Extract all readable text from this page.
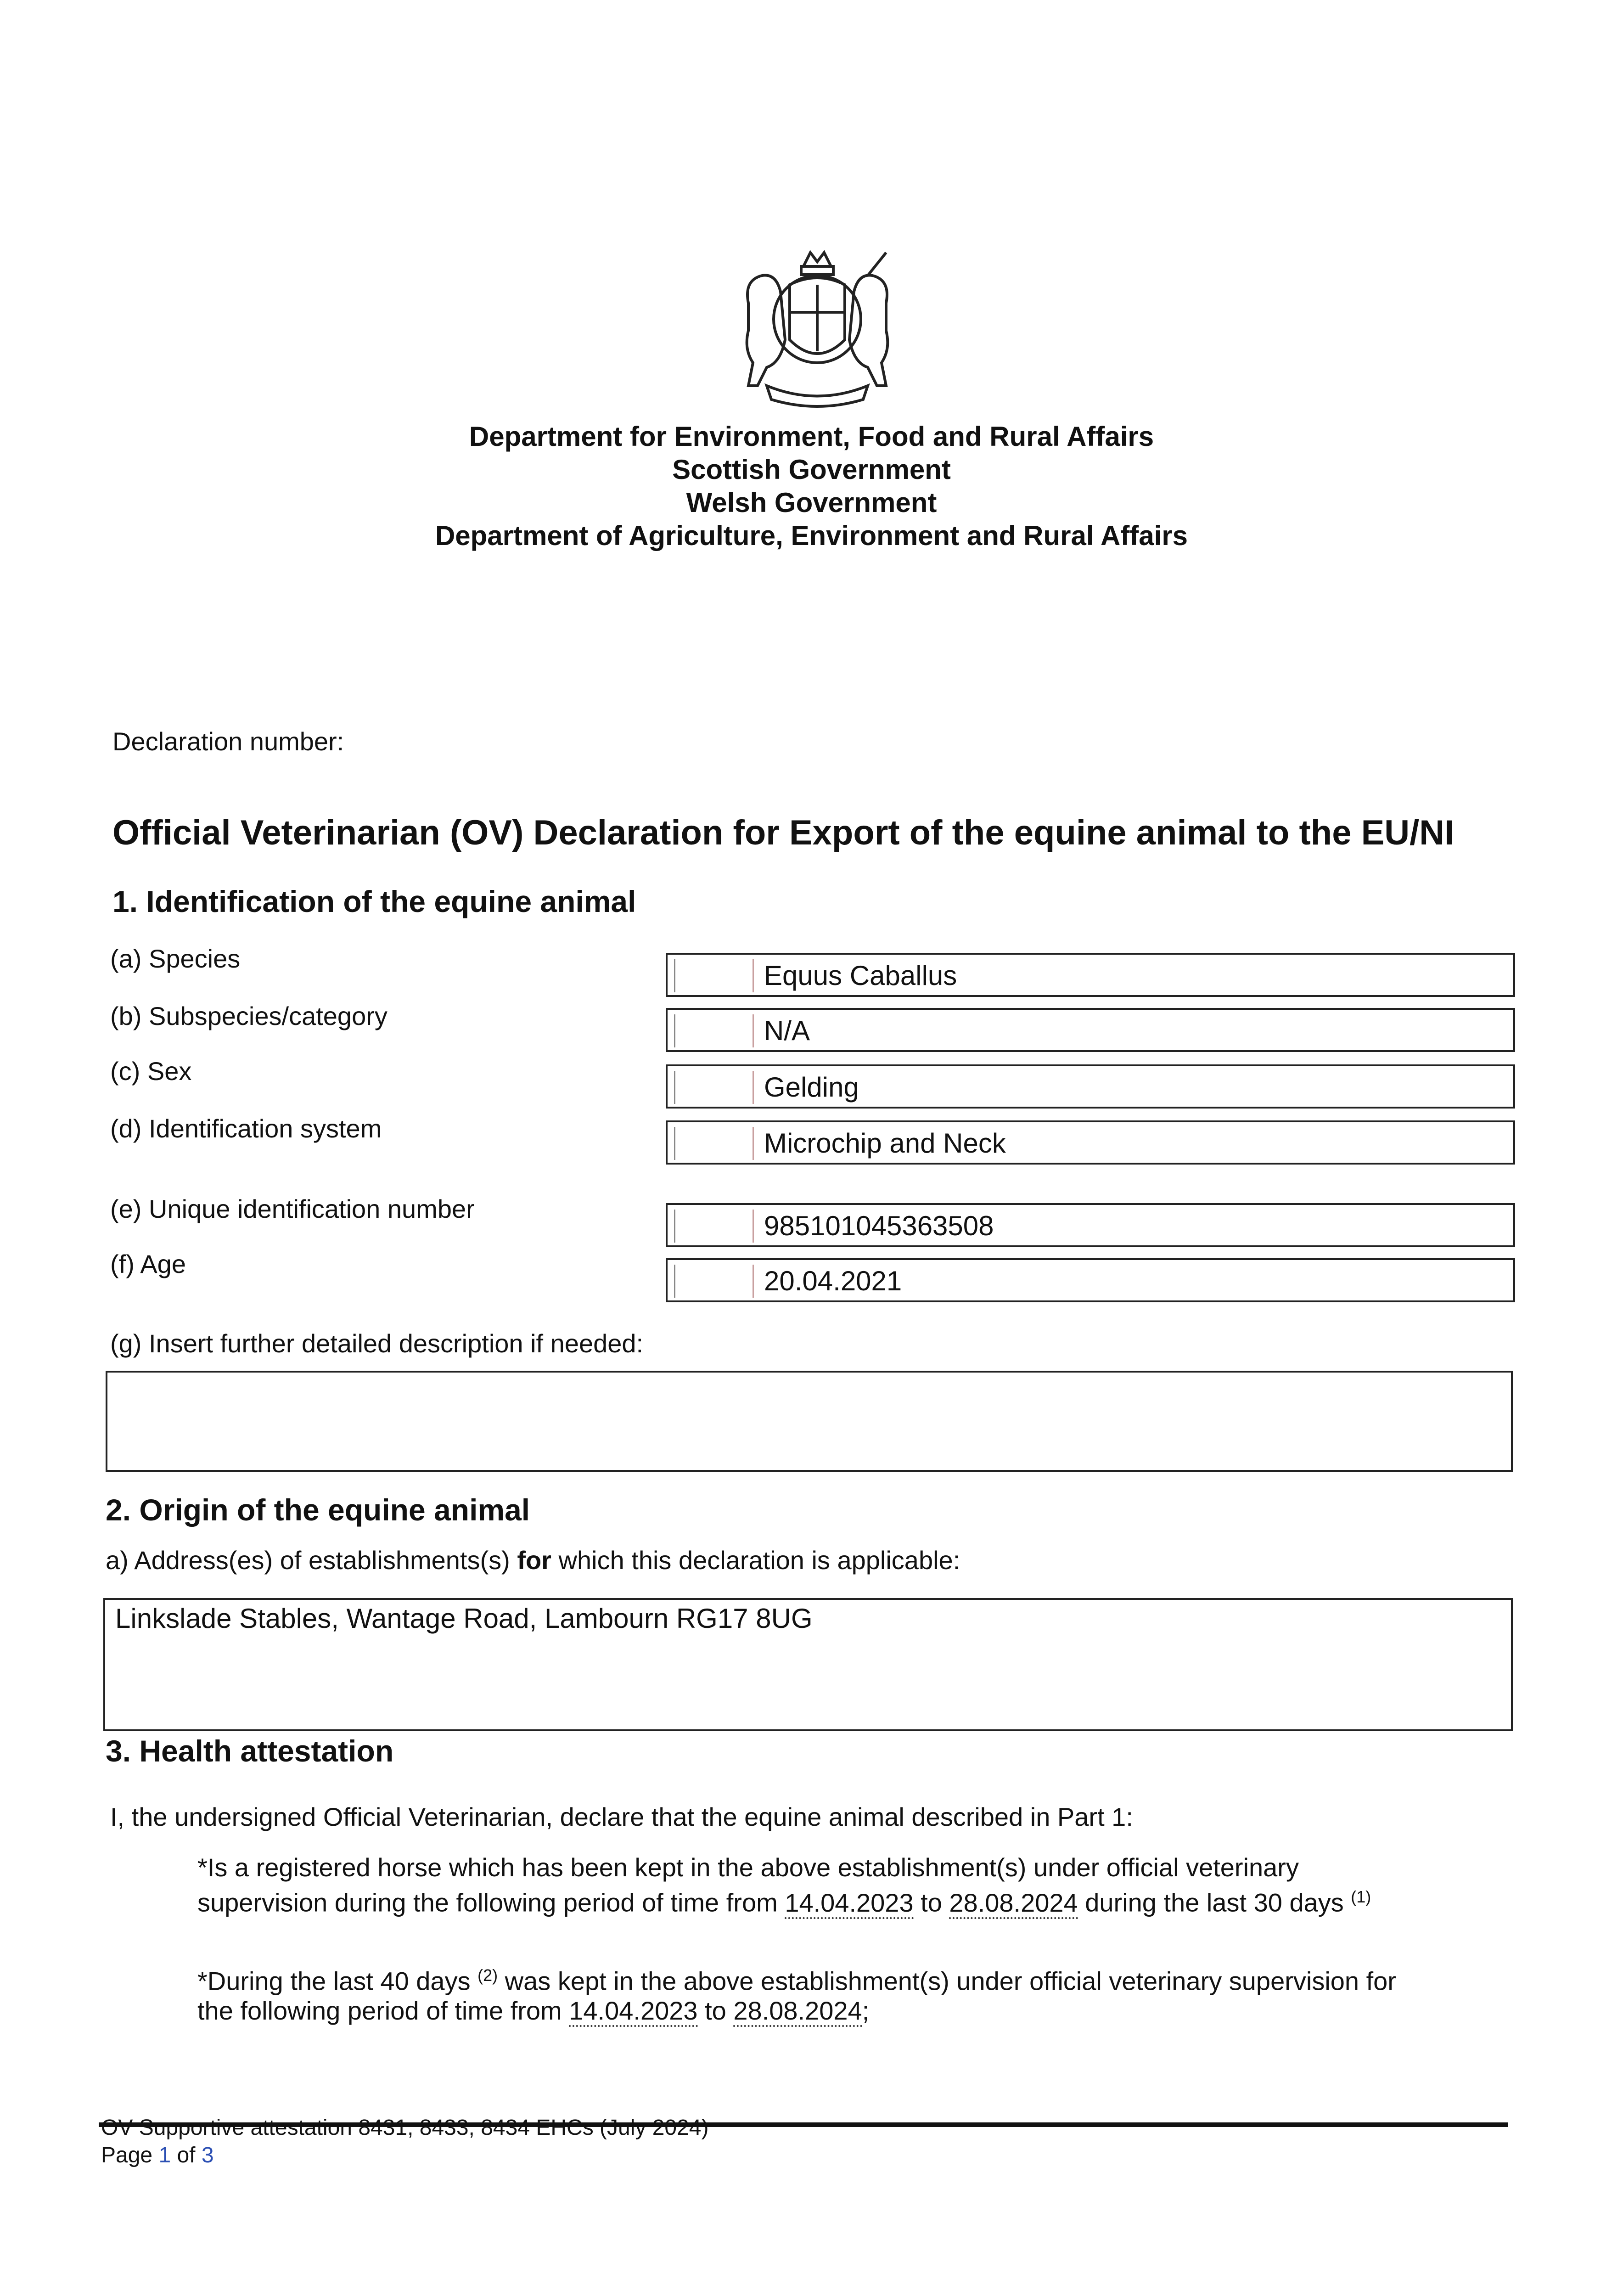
Department for Environment, Food and Rural Affairs
Scottish Government
Welsh Government
Department of Agriculture, Environment and Rural Affairs
Declaration number:
Official Veterinarian (OV) Declaration for Export of the equine animal to the EU/NI
1. Identification of the equine animal
(a) Species
Equus Caballus
(b) Subspecies/category	N/A
(c) Sex
Gelding
(d) Identification system	Microchip and Neck
(e) Unique identification number
985101045363508
(f) Age
20.04.2021
(g) Insert further detailed description if needed:
2. Origin of the equine animal
a) Address(es) of establishments(s) for which this declaration is applicable:
Linkslade Stables, Wantage Road, Lambourn RG17 8UG
3. Health attestation
I, the undersigned Official Veterinarian, declare that the equine animal described in Part 1:
*Is a registered horse which has been kept in the above establishment(s) under official veterinary
supervision during the following period of time from 14.04.2023 to 28.08.2024 during the last 30 days $^{(1)}$
*During the last 40 days $^{(2)}$ was kept in the above establishment(s) under official veterinary supervision for
the following period of time from 14.04.2023 to 28.08.2024;
OV Supportive attestation 8431, 8433, 8434 EHCs (July 2024)
Page 1 of 3
